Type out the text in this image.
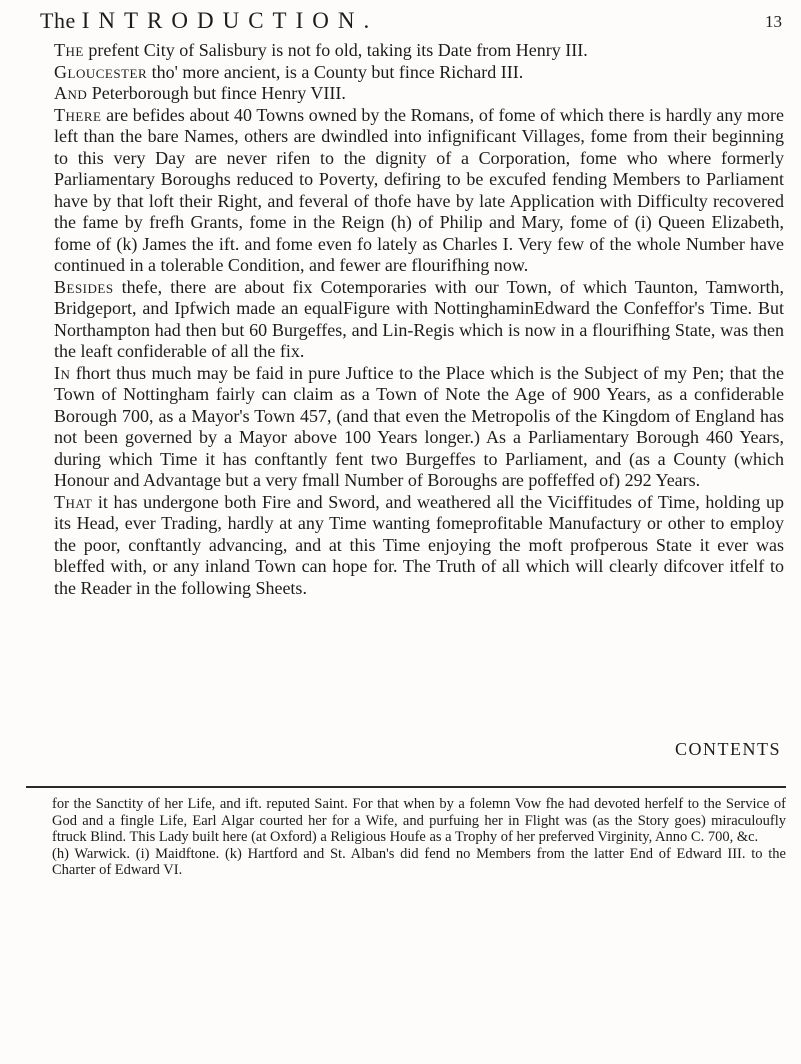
The INTRODUCTION.	13

The prefent City of Salisbury is not fo old, taking its Date from Henry III.

Gloucester tho' more ancient, is a County but fince Richard III.

And Peterborough but fince Henry VIII.

There are befides about 40 Towns owned by the Romans, of fome of which there is hardly any more left than the bare Names, others are dwindled into infignificant Villages, fome from their beginning to this very Day are never rifen to the dignity of a Corporation, fome who where formerly Parliamentary Boroughs reduced to Poverty, defiring to be excufed fending Members to Parliament have by that loft their Right, and feveral of thofe have by late Application with Difficulty recovered the fame by frefh Grants, fome in the Reign (h) of Philip and Mary, fome of (i) Queen Elizabeth, fome of (k) James the ift. and fome even fo lately as Charles I. Very few of the whole Number have continued in a tolerable Condition, and fewer are flourifhing now.

Besides thefe, there are about fix Cotemporaries with our Town, of which Taunton, Tamworth, Bridgeport, and Ipfwich made an equalFigure with NottinghaminEdward the Confeffor's Time. But Northampton had then but 60 Burgeffes, and Lin-Regis which is now in a flourifhing State, was then the leaft confiderable of all the fix.

In fhort thus much may be faid in pure Juftice to the Place which is the Subject of my Pen; that the Town of Nottingham fairly can claim as a Town of Note the Age of 900 Years, as a confiderable Borough 700, as a Mayor's Town 457, (and that even the Metropolis of the Kingdom of England has not been governed by a Mayor above 100 Years longer.) As a Parliamentary Borough 460 Years, during which Time it has conftantly fent two Burgeffes to Parliament, and (as a County (which Honour and Advantage but a very fmall Number of Boroughs are poffeffed of) 292 Years.

That it has undergone both Fire and Sword, and weathered all the Viciffitudes of Time, holding up its Head, ever Trading, hardly at any Time wanting fomeprofitable Manufactury or other to employ the poor, conftantly advancing, and at this Time enjoying the moft profperous State it ever was bleffed with, or any inland Town can hope for. The Truth of all which will clearly difcover itfelf to the Reader in the following Sheets.

CONTENTS

for the Sanctity of her Life, and ift. reputed Saint. For that when by a folemn Vow fhe had devoted herfelf to the Service of God and a fingle Life, Earl Algar courted her for a Wife, and purfuing her in Flight was (as the Story goes) miraculoufly ftruck Blind. This Lady built here (at Oxford) a Religious Houfe as a Trophy of her preferved Virginity, Anno C. 700, &c.

(h) Warwick. (i) Maidftone. (k) Hartford and St. Alban's did fend no Members from the latter End of Edward III. to the Charter of Edward VI.
